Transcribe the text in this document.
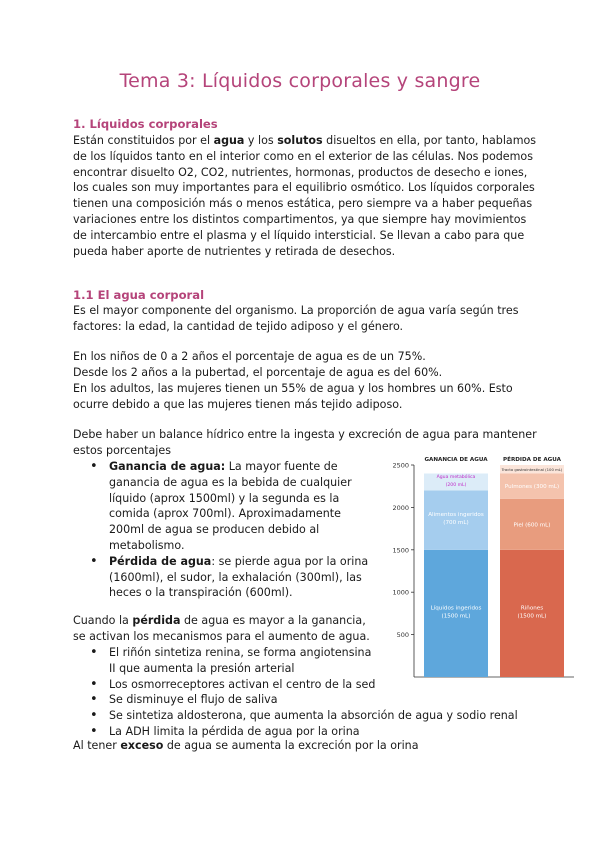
Tema 3: Líquidos corporales y sangre
1. Líquidos corporales

Están constituidos por el agua y los solutos disueltos en ella, por tanto, hablamos de los líquidos tanto en el interior como en el exterior de las células. Nos podemos encontrar disuelto O2, CO2, nutrientes, hormonas, productos de desecho e iones, los cuales son muy importantes para el equilibrio osmótico. Los líquidos corporales tienen una composición más o menos estática, pero siempre va a haber pequeñas variaciones entre los distintos compartimentos, ya que siempre hay movimientos de intercambio entre el plasma y el líquido intersticial. Se llevan a cabo para que pueda haber aporte de nutrientes y retirada de desechos.

1.1 El agua corporal

Es el mayor componente del organismo. La proporción de agua varía según tres factores: la edad, la cantidad de tejido adiposo y el género.

En los niños de 0 a 2 años el porcentaje de agua es de un 75%.

Desde los 2 años a la pubertad, el porcentaje de agua es del 60%.

En los adultos, las mujeres tienen un 55% de agua y los hombres un 60%. Esto ocurre debido a que las mujeres tienen más tejido adiposo.

Debe haber un balance hídrico entre la ingesta y excreción de agua para mantener estos porcentajes

• Ganancia de agua: La mayor fuente de ganancia de agua es la bebida de cualquier líquido (aprox 1500ml) y la segunda es la comida (aprox 700ml). Aproximadamente 200ml de agua se producen debido al metabolismo.
• Pérdida de agua: se pierde agua por la orina (1600ml), el sudor, la exhalación (300ml), las heces o la transpiración (600ml).

Cuando la pérdida de agua es mayor a la ganancia, se activan los mecanismos para el aumento de agua.

• El riñón sintetiza renina, se forma angiotensina II que aumenta la presión arterial
• Los osmorreceptores activan el centro de la sed
• Se disminuye el flujo de saliva
• Se sintetiza aldosterona, que aumenta la absorción de agua y sodio renal
• La ADH limita la pérdida de agua por la orina

Al tener exceso de agua se aumenta la excreción por la orina

500
1000
1500
2000
2500
Líquidos ingeridos
(1500 mL)
Alimentos ingeridos
(700 mL)
Agua metabólica
(200 mL)
Riñones
(1500 mL)
Piel (600 mL)
Pulmones (300 mL)
Tracto gastrointestinal (100 mL)
GANANCIA DE AGUA	PÉRDIDA DE AGUA
